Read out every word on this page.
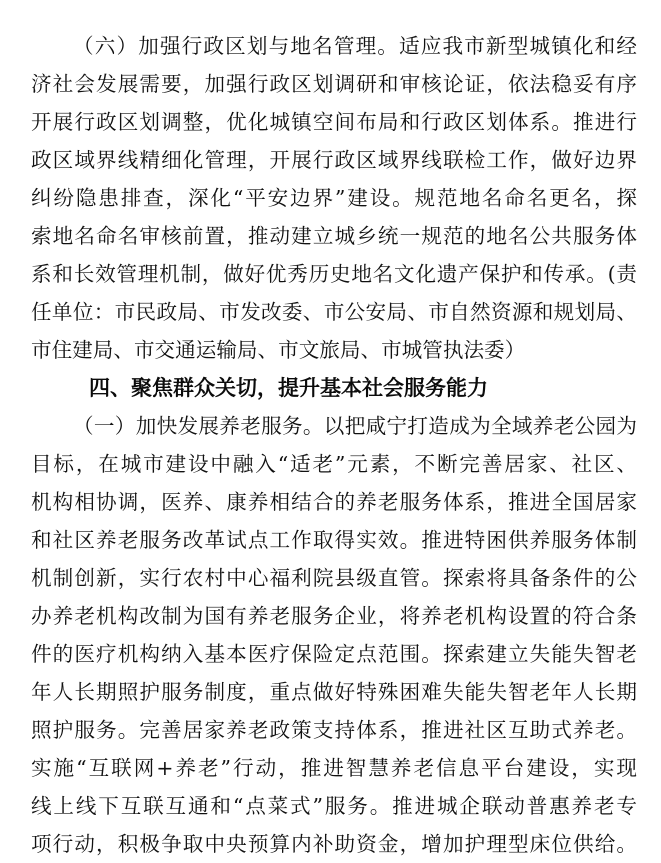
（六）加强行政区划与地名管理。适应我市新型城镇化和经
济社会发展需要，加强行政区划调研和审核论证，依法稳妥有序
开展行政区划调整，优化城镇空间布局和行政区划体系。推进行
政区域界线精细化管理，开展行政区域界线联检工作，做好边界
纠纷隐患排查，深化“平安边界”建设。规范地名命名更名，探
索地名命名审核前置，推动建立城乡统一规范的地名公共服务体
系和长效管理机制，做好优秀历史地名文化遗产保护和传承。(责
任单位：市民政局、市发改委、市公安局、市自然资源和规划局、
市住建局、市交通运输局、市文旅局、市城管执法委）
四、聚焦群众关切，提升基本社会服务能力
（一）加快发展养老服务。以把咸宁打造成为全域养老公园为
目标，在城市建设中融入“适老”元素，不断完善居家、社区、
机构相协调，医养、康养相结合的养老服务体系，推进全国居家
和社区养老服务改革试点工作取得实效。推进特困供养服务体制
机制创新，实行农村中心福利院县级直管。探索将具备条件的公
办养老机构改制为国有养老服务企业，将养老机构设置的符合条
件的医疗机构纳入基本医疗保险定点范围。探索建立失能失智老
年人长期照护服务制度，重点做好特殊困难失能失智老年人长期
照护服务。完善居家养老政策支持体系，推进社区互助式养老。
实施“互联网+养老”行动，推进智慧养老信息平台建设，实现
线上线下互联互通和“点菜式”服务。推进城企联动普惠养老专
项行动，积极争取中央预算内补助资金，增加护理型床位供给。
